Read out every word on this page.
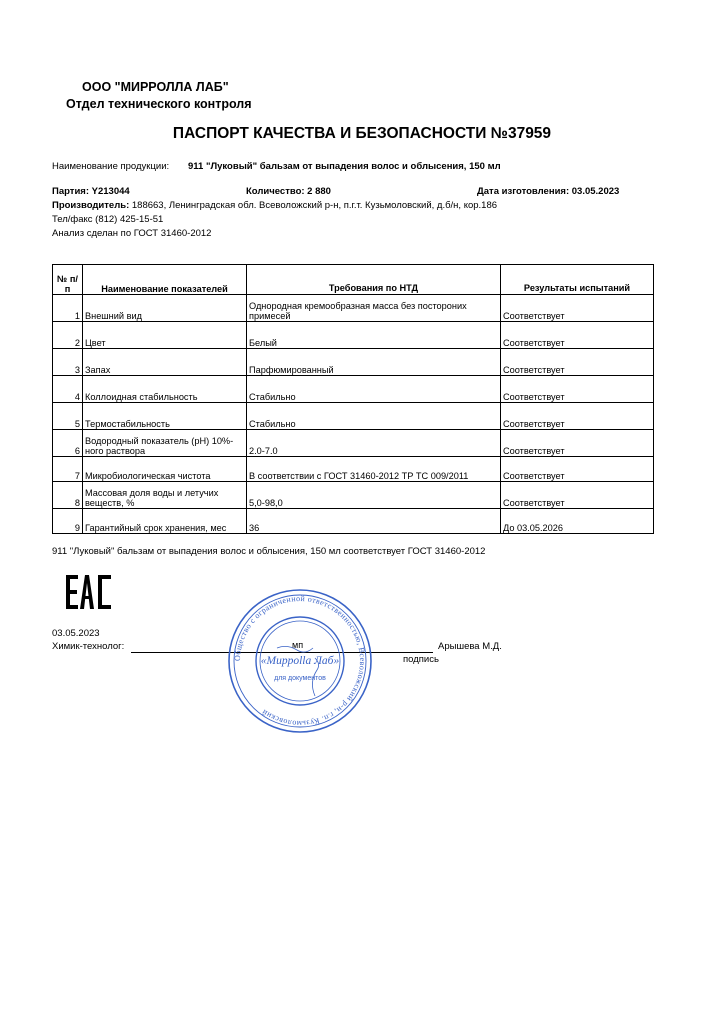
ООО "МИРРОЛЛА ЛАБ"
Отдел технического контроля
ПАСПОРТ КАЧЕСТВА И БЕЗОПАСНОСТИ №37959
Наименование продукции: 911 "Луковый" бальзам от выпадения волос и облысения, 150 мл
Партия: Y213044	Количество: 2 880	Дата изготовления: 03.05.2023
Производитель: 188663, Ленинградская обл. Всеволожский р-н, п.г.т. Кузьмоловский, д.б/н, кор.186
Тел/факс (812) 425-15-51
Анализ сделан по ГОСТ 31460-2012
№ п/п	Наименование показателей	Требования по НТД	Результаты испытаний
1	Внешний вид	Однородная кремообразная масса без посторониx примесей	Соответствует
2	Цвет	Белый	Соответствует
3	Запах	Парфюмированный	Соответствует
4	Коллоидная стабильность	Стабильно	Соответствует
5	Термостабильность	Стабильно	Соответствует
6	Водородный показатель (pH) 10%-ного раствора	2.0-7.0	Соответствует
7	Микробиологическая чистота	В соответствии с ГОСТ 31460-2012 ТР ТС 009/2011	Соответствует
8	Массовая доля воды и летучих веществ, %	5,0-98,0	Соответствует
9	Гарантийный срок хранения, мес	36	До 03.05.2026
911 "Луковый" бальзам от выпадения волос и облысения, 150 мл соответствует ГОСТ 31460-2012
03.05.2023
Химик-технолог:	мп	Арышева М.Д.
подпись
Общество с ограниченной ответственностью, Всеволожский р-н, г.п. Кузьмоловский
«Миррolla Лаб»
для документов
